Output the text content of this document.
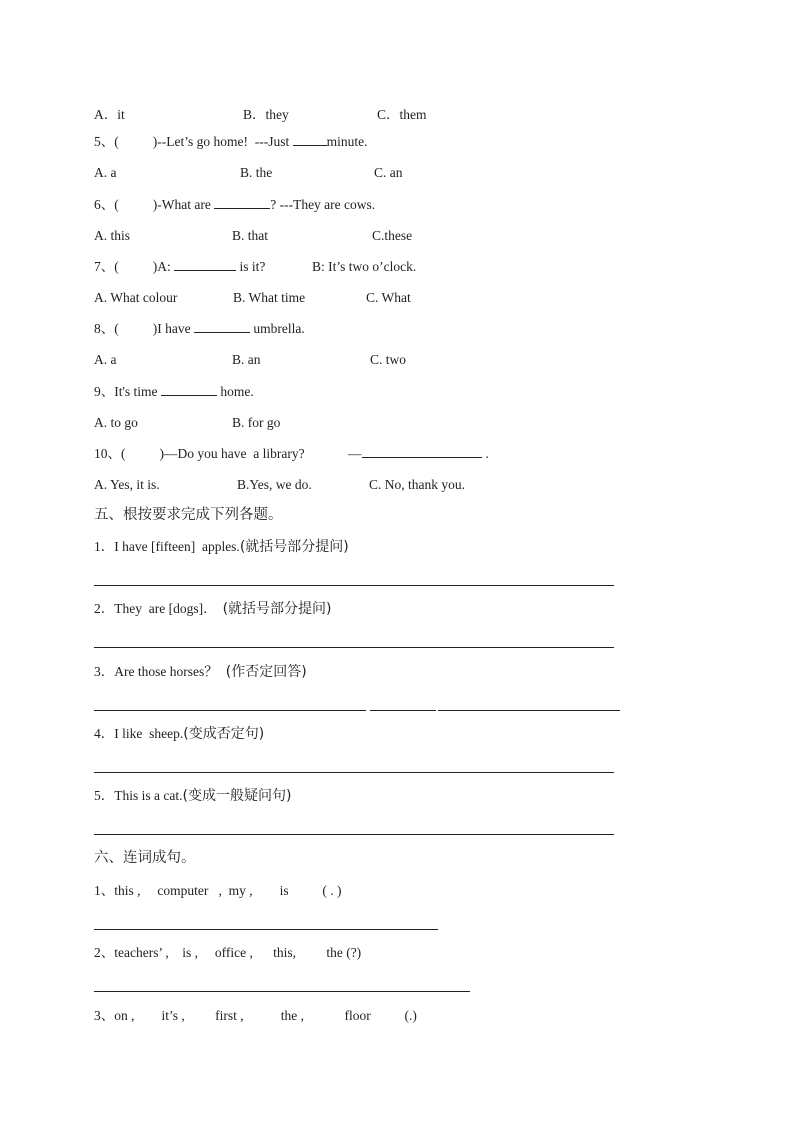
A．it	B．they	C．them
5、(	)--Let’s go home!  ---Just	minute.
A. a	B. the	C. an
6、(	)-What are	? ---They are cows.
A. this	B. that	C.these
7、(	)A:	is it?	B: It’s two o’clock.
A. What colour	B. What time	C. What
8、(	)I have	umbrella.
A. a	B. an	C. two
9、It's time	home.
A. to go	B. for go
10、(	)—Do you have  a library?	—	.
A. Yes, it is.	B.Yes, we do.	C. No, thank you.
五、根按要求完成下列各题。
1．I have [fifteen]  apples.(就括号部分提问)
2．They  are [dogs]． (就括号部分提问)
3．Are those horses？ (作否定回答)
4．I like  sheep.(变成否定句)
5．This is a cat.(变成一般疑问句)
六、连词成句。
1、this ,     computer   ,  my ,        is          ( . )
2、teachers’ ,    is ,     office ,      this,         the (?)
3、on ,        it’s ,         first ,           the ,            floor          (.)
